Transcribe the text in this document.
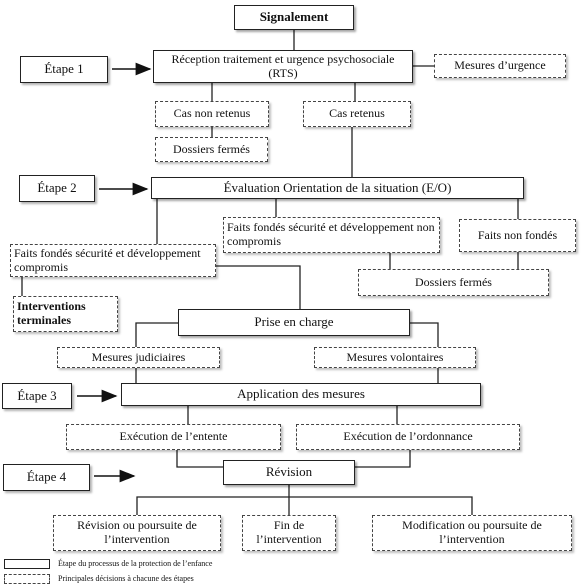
Étape 1
Étape 2
Étape 3
Étape 4
Signalement
Réception traitement et urgence psychosociale (RTS)
Mesures d’urgence
Cas non retenus	Cas retenus
Dossiers fermés
Évaluation Orientation de la situation (E/O)
Faits fondés sécurité et développement compromis
Faits fondés sécurité et développement non compromis	Faits non fondés
Dossiers fermés
Interventions terminales	Prise en charge
Mesures judiciaires	Mesures volontaires
Application des mesures
Exécution de l’entente	Exécution de l’ordonnance
Révision
Révision ou poursuite de l’intervention
Fin de l’intervention
Modification ou poursuite de l’intervention
Étape du processus de la protection de l’enfance
Principales décisions à chacune des étapes
